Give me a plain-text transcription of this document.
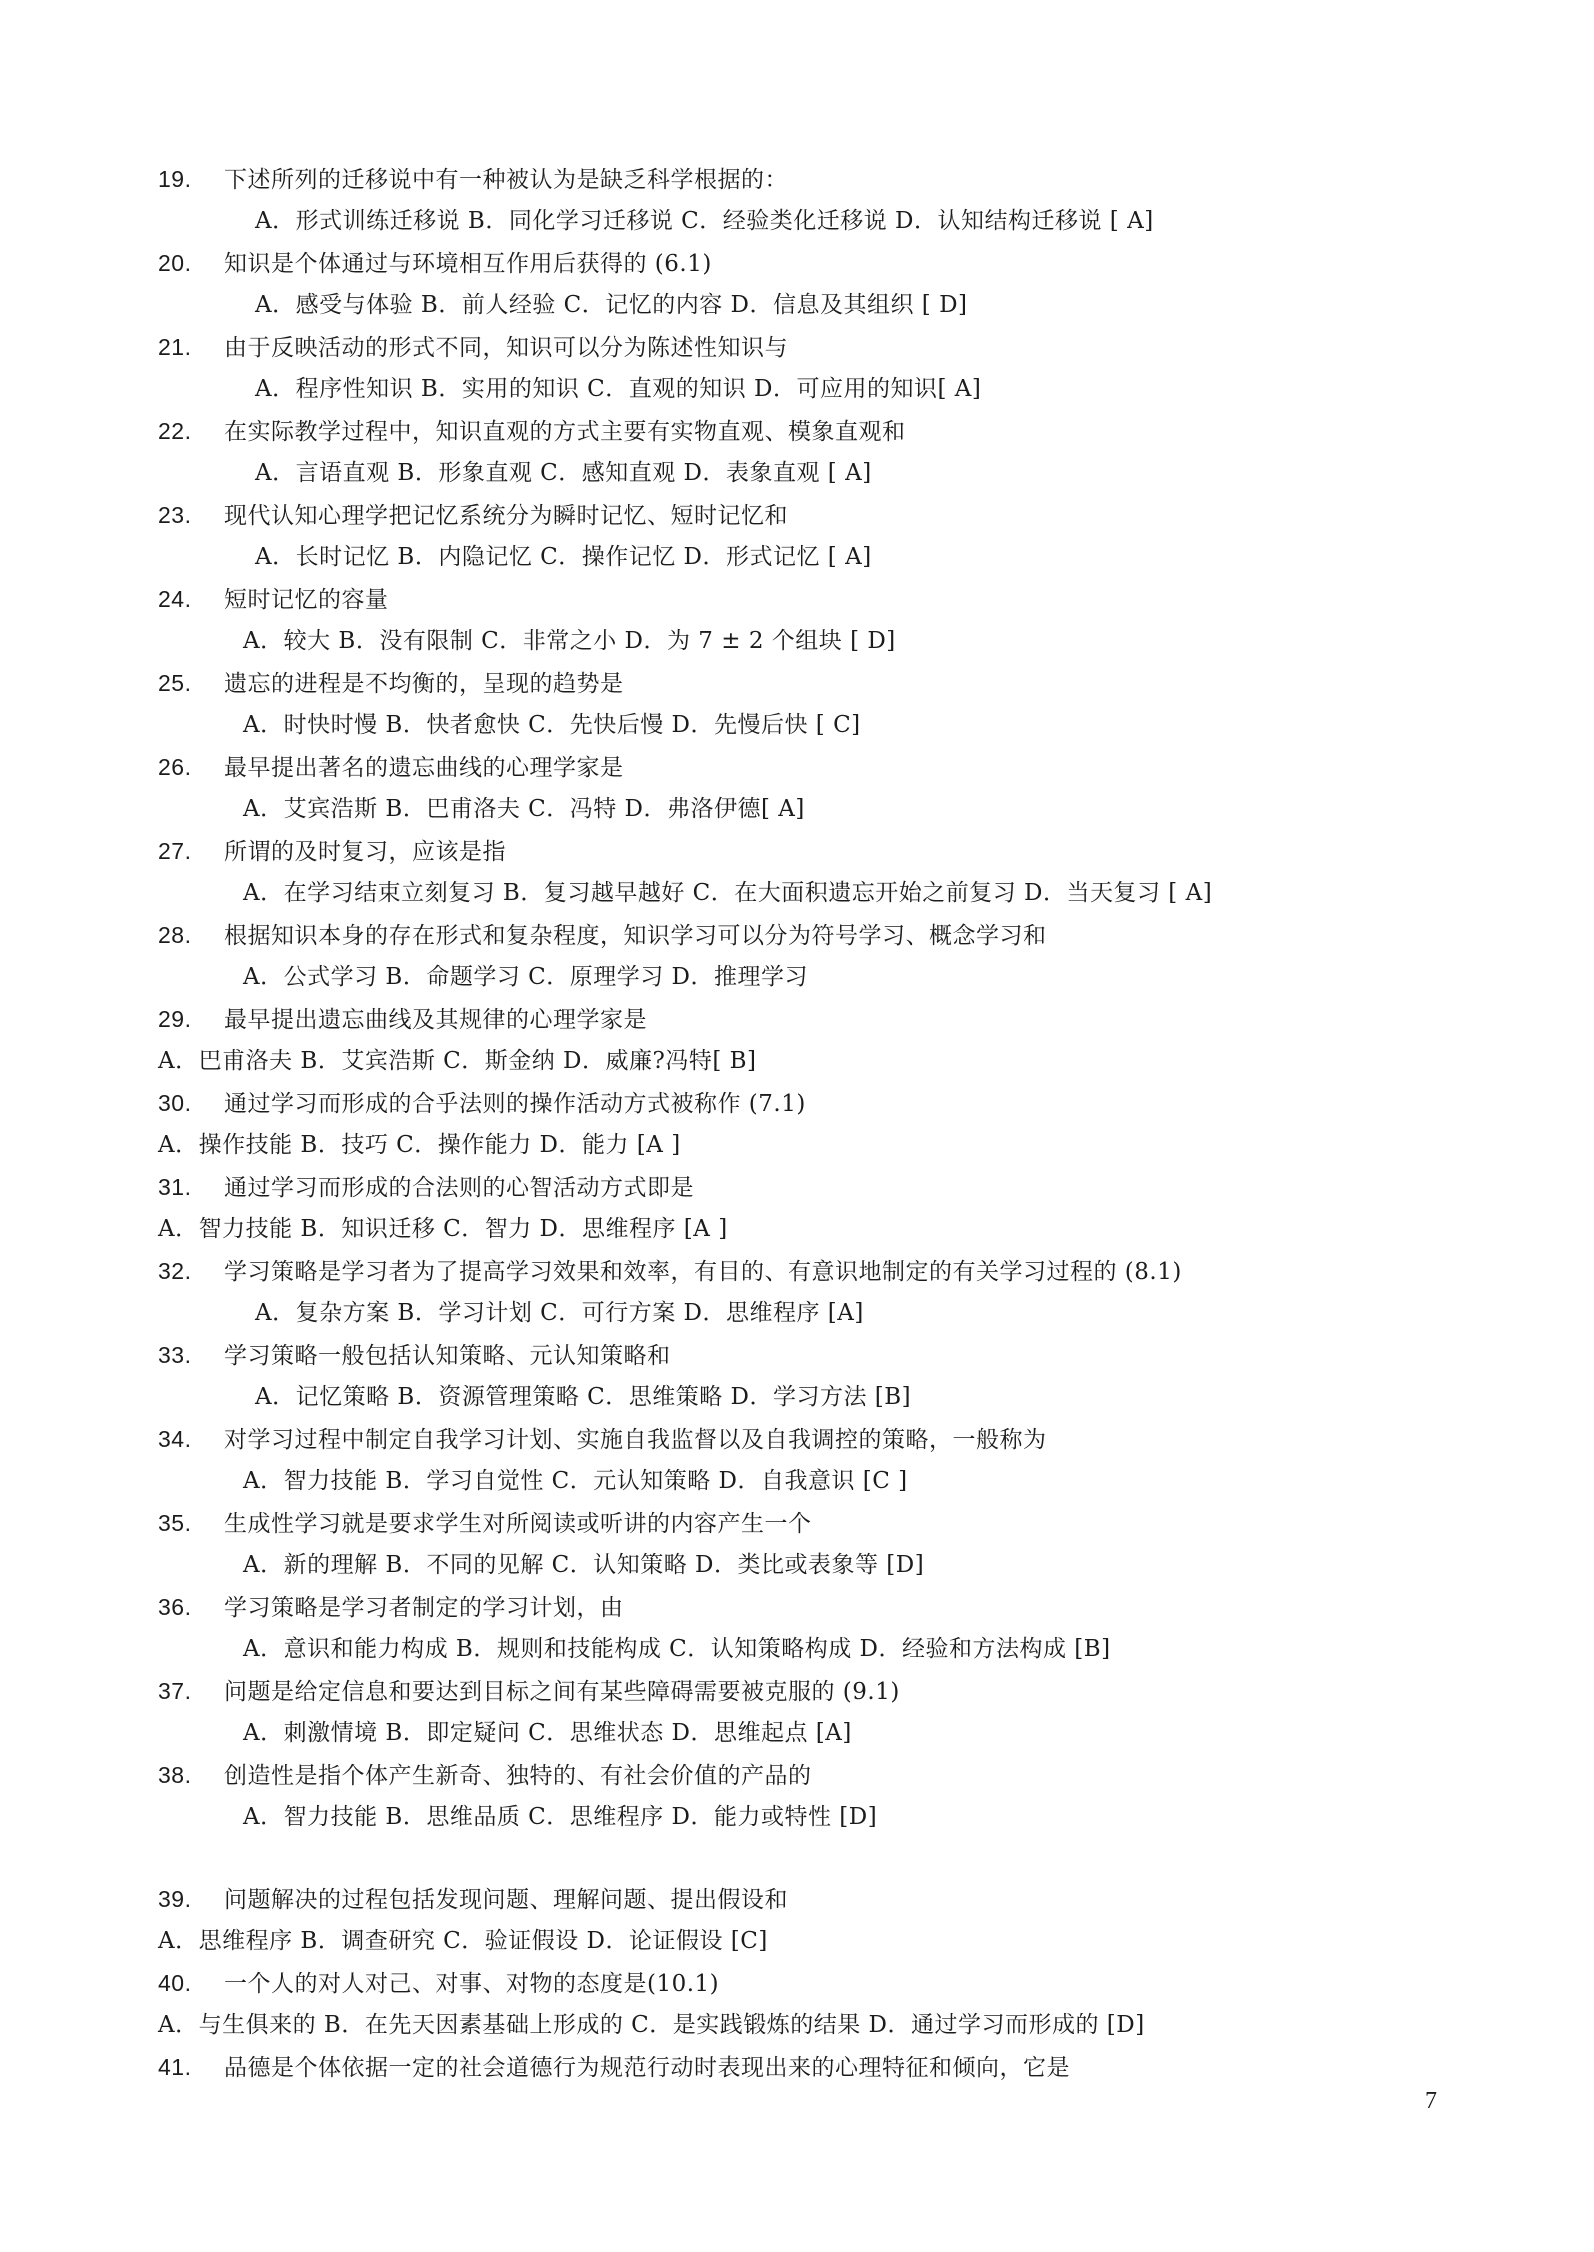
19. 下述所列的迁移说中有一种被认为是缺乏科学根据的：
A．形式训练迁移说 B．同化学习迁移说 C．经验类化迁移说 D．认知结构迁移说 [ A]
20. 知识是个体通过与环境相互作用后获得的 (6.1)
A．感受与体验 B．前人经验 C．记忆的内容 D．信息及其组织 [ D]
21. 由于反映活动的形式不同，知识可以分为陈述性知识与
A．程序性知识 B．实用的知识 C．直观的知识 D．可应用的知识[ A]
22. 在实际教学过程中，知识直观的方式主要有实物直观、模象直观和
A．言语直观 B．形象直观 C．感知直观 D．表象直观 [ A]
23. 现代认知心理学把记忆系统分为瞬时记忆、短时记忆和
A．长时记忆 B．内隐记忆 C．操作记忆 D．形式记忆 [ A]
24. 短时记忆的容量
A．较大 B．没有限制 C．非常之小 D．为 7 ± 2 个组块 [ D]
25. 遗忘的进程是不均衡的，呈现的趋势是
A．时快时慢 B．快者愈快 C．先快后慢 D．先慢后快 [ C]
26. 最早提出著名的遗忘曲线的心理学家是
A．艾宾浩斯 B．巴甫洛夫 C．冯特 D．弗洛伊德[ A]
27. 所谓的及时复习，应该是指
A．在学习结束立刻复习 B．复习越早越好 C．在大面积遗忘开始之前复习 D．当天复习 [ A]
28. 根据知识本身的存在形式和复杂程度，知识学习可以分为符号学习、概念学习和
A．公式学习 B．命题学习 C．原理学习 D．推理学习
29. 最早提出遗忘曲线及其规律的心理学家是
A．巴甫洛夫 B．艾宾浩斯 C．斯金纳 D．威廉?冯特[ B]
30. 通过学习而形成的合乎法则的操作活动方式被称作 (7.1)
A．操作技能 B．技巧 C．操作能力 D．能力 [A ]
31. 通过学习而形成的合法则的心智活动方式即是
A．智力技能 B．知识迁移 C．智力 D．思维程序 [A ]
32. 学习策略是学习者为了提高学习效果和效率，有目的、有意识地制定的有关学习过程的 (8.1)
A．复杂方案 B．学习计划 C．可行方案 D．思维程序 [A]
33. 学习策略一般包括认知策略、元认知策略和
A．记忆策略 B．资源管理策略 C．思维策略 D．学习方法 [B]
34. 对学习过程中制定自我学习计划、实施自我监督以及自我调控的策略，一般称为
A．智力技能 B．学习自觉性 C．元认知策略 D．自我意识 [C ]
35. 生成性学习就是要求学生对所阅读或听讲的内容产生一个
A．新的理解 B．不同的见解 C．认知策略 D．类比或表象等 [D]
36. 学习策略是学习者制定的学习计划，由
A．意识和能力构成 B．规则和技能构成 C．认知策略构成 D．经验和方法构成 [B]
37. 问题是给定信息和要达到目标之间有某些障碍需要被克服的 (9.1)
A．刺激情境 B．即定疑问 C．思维状态 D．思维起点 [A]
38. 创造性是指个体产生新奇、独特的、有社会价值的产品的
A．智力技能 B．思维品质 C．思维程序 D．能力或特性 [D]
39. 问题解决的过程包括发现问题、理解问题、提出假设和
A．思维程序 B．调查研究 C．验证假设 D．论证假设 [C]
40. 一个人的对人对己、对事、对物的态度是(10.1)
A．与生俱来的 B．在先天因素基础上形成的 C．是实践锻炼的结果 D．通过学习而形成的 [D]
41. 品德是个体依据一定的社会道德行为规范行动时表现出来的心理特征和倾向，它是
7
